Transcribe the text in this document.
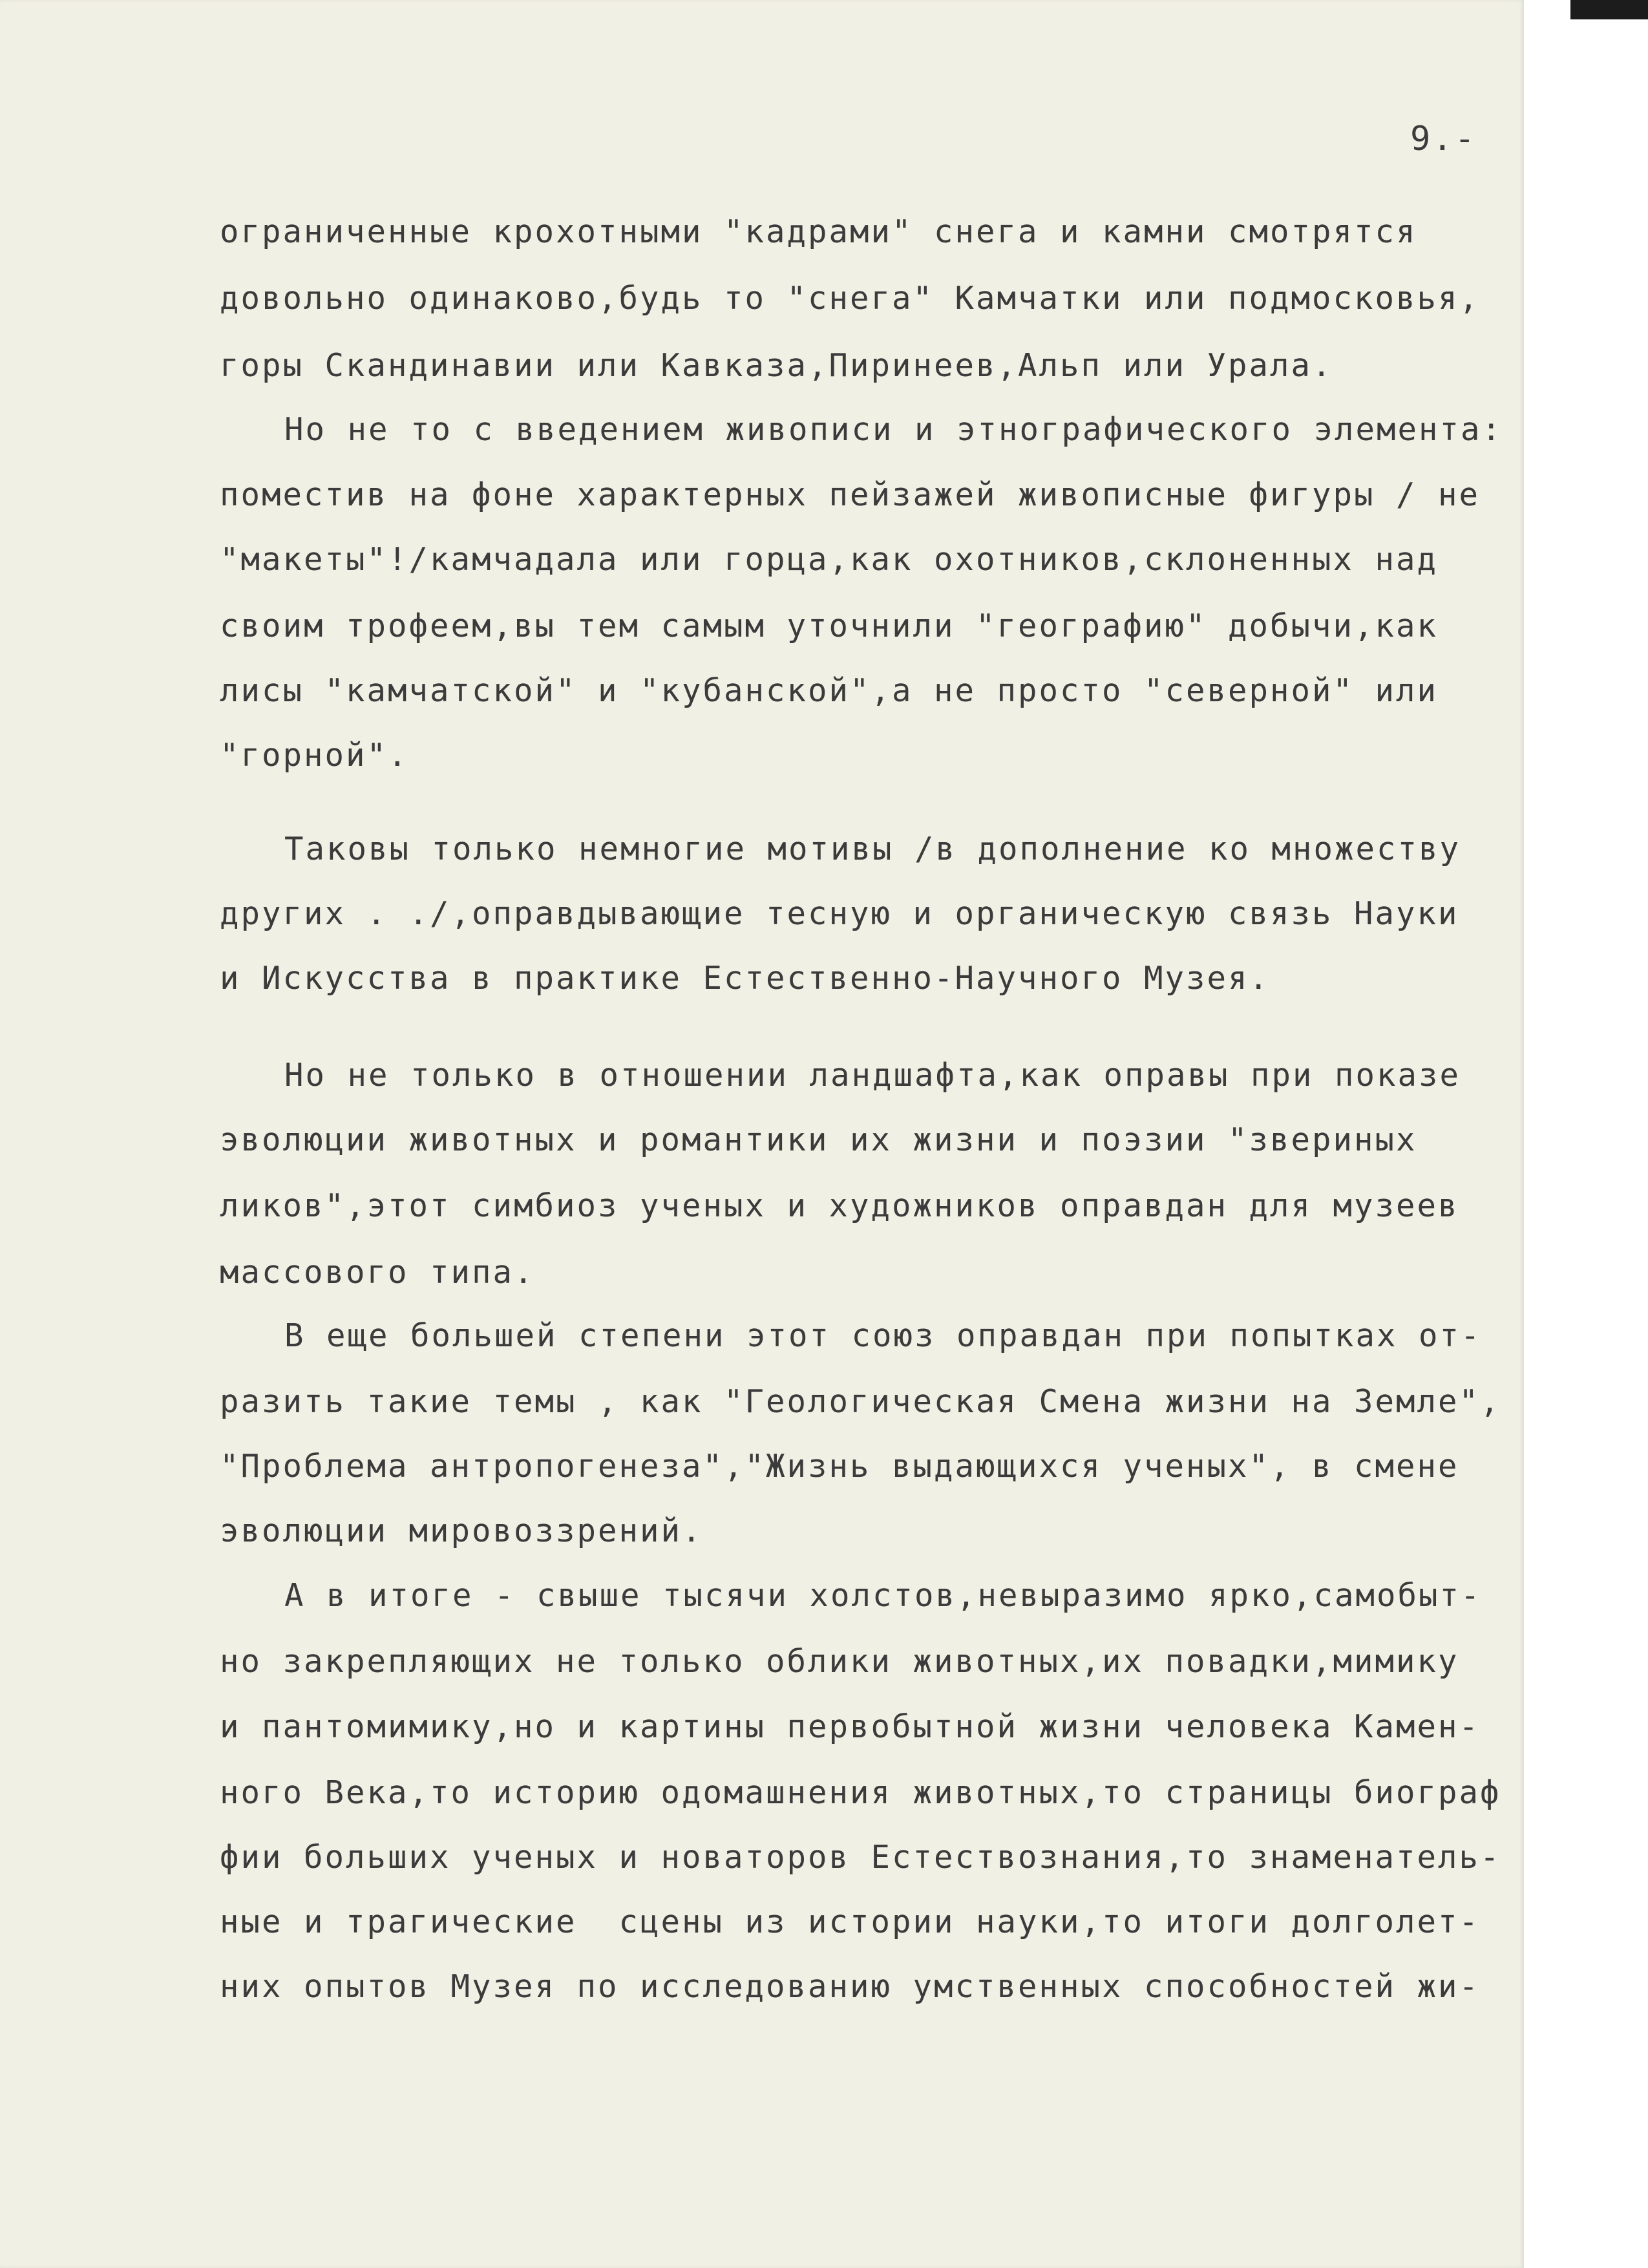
9.-

ограниченные крохотными "кадрами" снега и камни смотрятся

довольно одинаково,будь то "снега" Камчатки или подмосковья,

горы Скандинавии или Кавказа,Пиринеев,Альп или Урала.

Но не то с введением живописи и этнографического элемента:

поместив на фоне характерных пейзажей живописные фигуры / не

"макеты"!/камчадала или горца,как охотников,склоненных над

своим трофеем,вы тем самым уточнили "географию" добычи,как

лисы "камчатской" и "кубанской",а не просто "северной" или

"горной".

Таковы только немногие мотивы /в дополнение ко множеству

других . ./,оправдывающие тесную и органическую связь Науки

и Искусства в практике Естественно-Научного Музея.

Но не только в отношении ландшафта,как оправы при показе

эволюции животных и романтики их жизни и поэзии "звериных

ликов",этот симбиоз ученых и художников оправдан для музеев

массового типа.

В еще большей степени этот союз оправдан при попытках от-

разить такие темы , как "Геологическая Смена жизни на Земле",

"Проблема антропогенеза","Жизнь выдающихся ученых", в смене

эволюции мировоззрений.

А в итоге - свыше тысячи холстов,невыразимо ярко,самобыт-

но закрепляющих не только облики животных,их повадки,мимику

и пантомимику,но и картины первобытной жизни человека Камен-

ного Века,то историю одомашнения животных,то страницы биограф

фии больших ученых и новаторов Естествознания,то знаменатель-

ные и трагические  сцены из истории науки,то итоги долголет-

них опытов Музея по исследованию умственных способностей жи-
